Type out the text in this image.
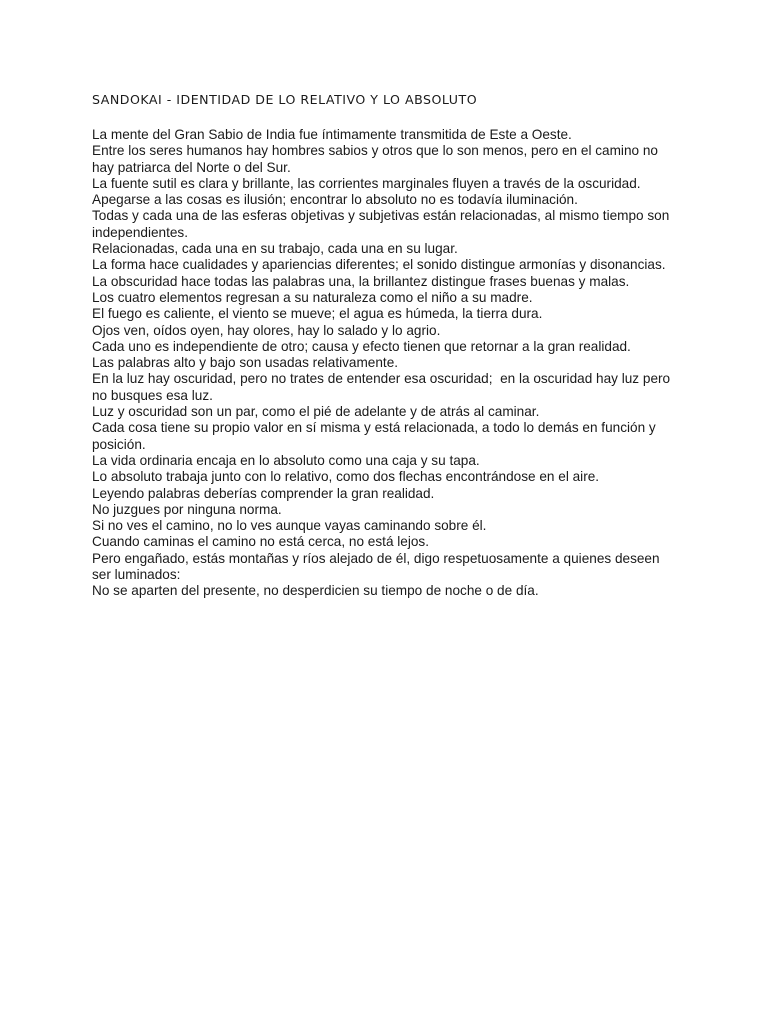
SANDOKAI - IDENTIDAD DE LO RELATIVO Y LO ABSOLUTO
La mente del Gran Sabio de India fue íntimamente transmitida de Este a Oeste.
Entre los seres humanos hay hombres sabios y otros que lo son menos, pero en el camino no hay patriarca del Norte o del Sur.
La fuente sutil es clara y brillante, las corrientes marginales fluyen a través de la oscuridad.
Apegarse a las cosas es ilusión; encontrar lo absoluto no es todavía iluminación.
Todas y cada una de las esferas objetivas y subjetivas están relacionadas, al mismo tiempo son independientes.
Relacionadas, cada una en su trabajo, cada una en su lugar.
La forma hace cualidades y apariencias diferentes; el sonido distingue armonías y disonancias.
La obscuridad hace todas las palabras una, la brillantez distingue frases buenas y malas.
Los cuatro elementos regresan a su naturaleza como el niño a su madre.
El fuego es caliente, el viento se mueve; el agua es húmeda, la tierra dura.
Ojos ven, oídos oyen, hay olores, hay lo salado y lo agrio.
Cada uno es independiente de otro; causa y efecto tienen que retornar a la gran realidad.
Las palabras alto y bajo son usadas relativamente.
En la luz hay oscuridad, pero no trates de entender esa oscuridad;  en la oscuridad hay luz pero no busques esa luz.
Luz y oscuridad son un par, como el pié de adelante y de atrás al caminar.
Cada cosa tiene su propio valor en sí misma y está relacionada, a todo lo demás en función y posición.
La vida ordinaria encaja en lo absoluto como una caja y su tapa.
Lo absoluto trabaja junto con lo relativo, como dos flechas encontrándose en el aire.
Leyendo palabras deberías comprender la gran realidad.
No juzgues por ninguna norma.
Si no ves el camino, no lo ves aunque vayas caminando sobre él.
Cuando caminas el camino no está cerca, no está lejos.
Pero engañado, estás montañas y ríos alejado de él, digo respetuosamente a quienes deseen ser luminados:
No se aparten del presente, no desperdicien su tiempo de noche o de día.
